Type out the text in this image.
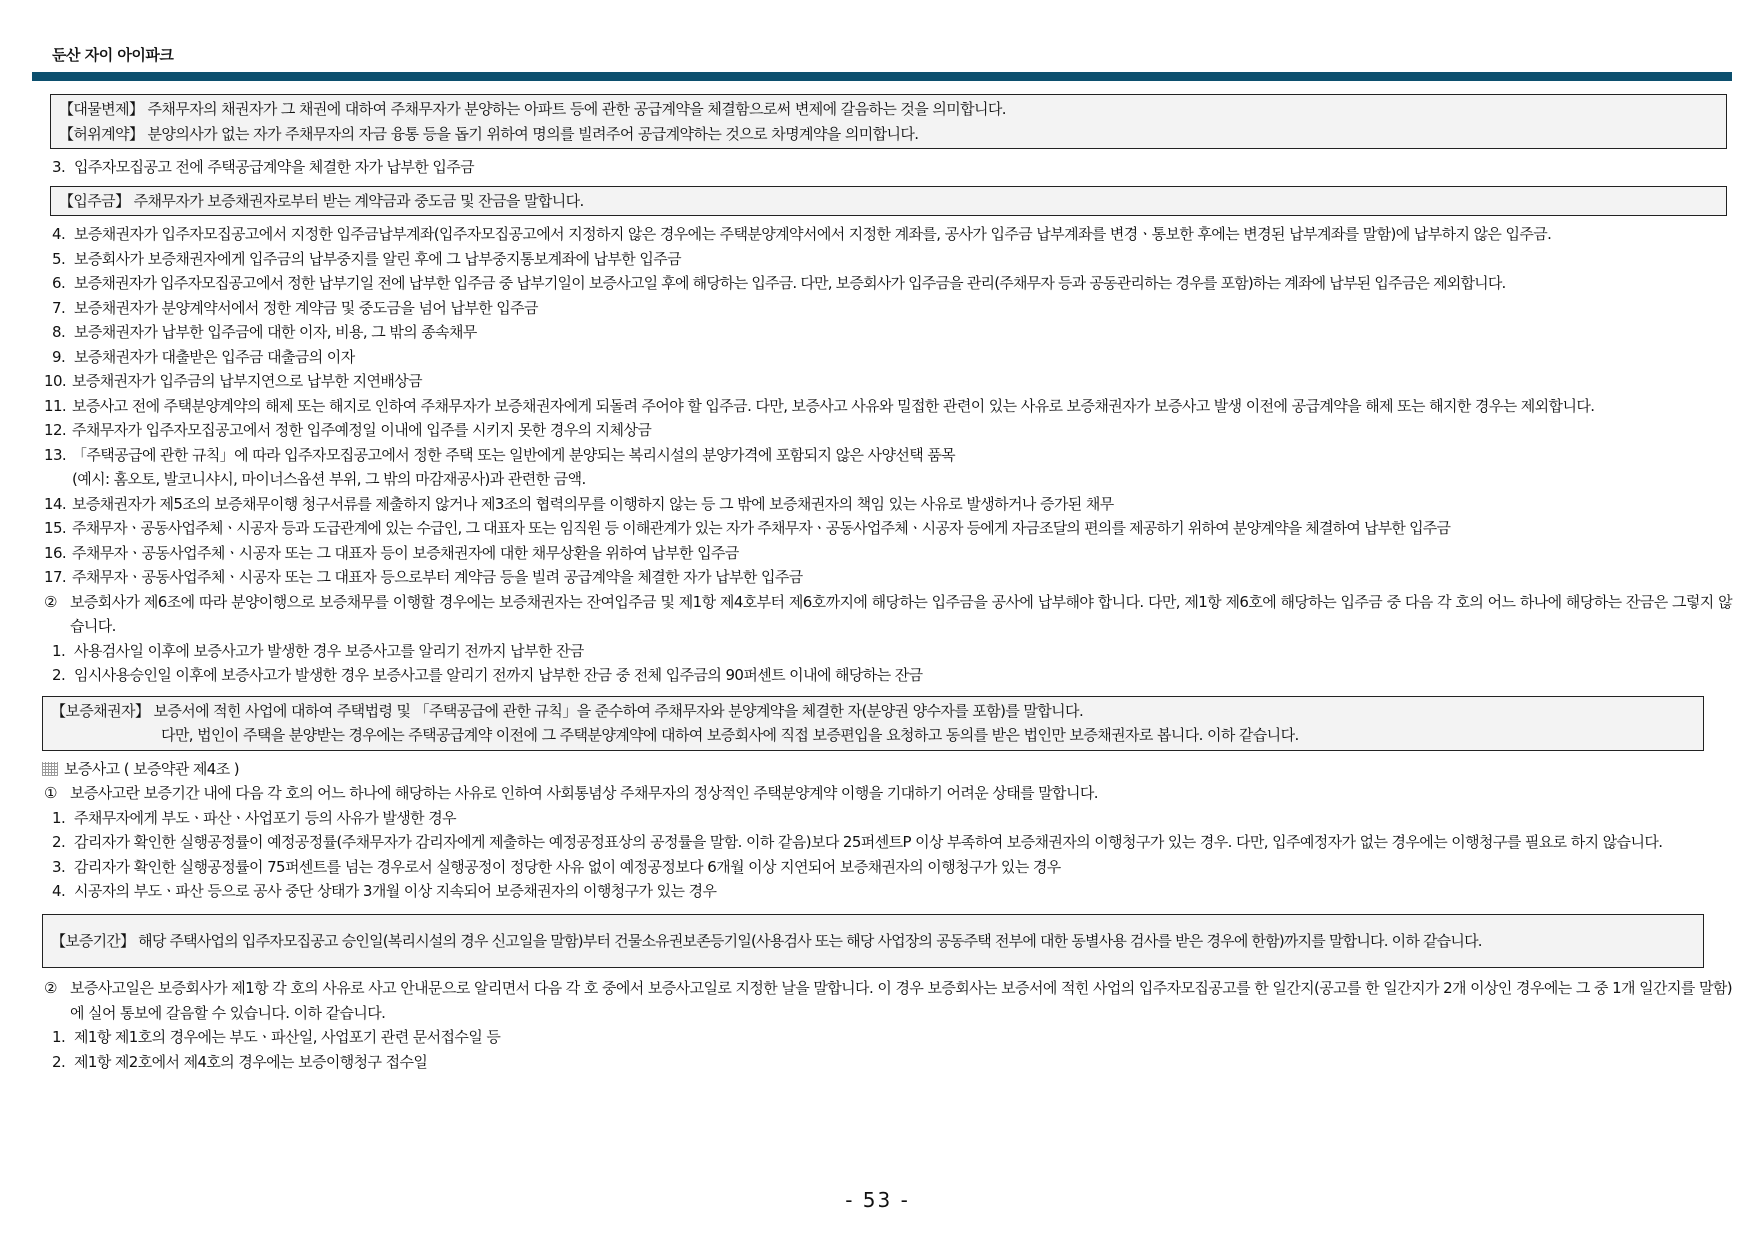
둔산 자이 아이파크
【대물변제】 주채무자의 채권자가 그 채권에 대하여 주채무자가 분양하는 아파트 등에 관한 공급계약을 체결함으로써 변제에 갈음하는 것을 의미합니다.
【허위계약】 분양의사가 없는 자가 주채무자의 자금 융통 등을 돕기 위하여 명의를 빌려주어 공급계약하는 것으로 차명계약을 의미합니다.
3. 입주자모집공고 전에 주택공급계약을 체결한 자가 납부한 입주금
【입주금】 주채무자가 보증채권자로부터 받는 계약금과 중도금 및 잔금을 말합니다.
4. 보증채권자가 입주자모집공고에서 지정한 입주금납부계좌(입주자모집공고에서 지정하지 않은 경우에는 주택분양계약서에서 지정한 계좌를, 공사가 입주금 납부계좌를 변경ㆍ통보한 후에는 변경된 납부계좌를 말함)에 납부하지 않은 입주금.
5. 보증회사가 보증채권자에게 입주금의 납부중지를 알린 후에 그 납부중지통보계좌에 납부한 입주금
6. 보증채권자가 입주자모집공고에서 정한 납부기일 전에 납부한 입주금 중 납부기일이 보증사고일 후에 해당하는 입주금. 다만, 보증회사가 입주금을 관리(주채무자 등과 공동관리하는 경우를 포함)하는 계좌에 납부된 입주금은 제외합니다.
7. 보증채권자가 분양계약서에서 정한 계약금 및 중도금을 넘어 납부한 입주금
8. 보증채권자가 납부한 입주금에 대한 이자, 비용, 그 밖의 종속채무
9. 보증채권자가 대출받은 입주금 대출금의 이자
10. 보증채권자가 입주금의 납부지연으로 납부한 지연배상금
11. 보증사고 전에 주택분양계약의 해제 또는 해지로 인하여 주채무자가 보증채권자에게 되돌려 주어야 할 입주금. 다만, 보증사고 사유와 밀접한 관련이 있는 사유로 보증채권자가 보증사고 발생 이전에 공급계약을 해제 또는 해지한 경우는 제외합니다.
12. 주채무자가 입주자모집공고에서 정한 입주예정일 이내에 입주를 시키지 못한 경우의 지체상금
13. 「주택공급에 관한 규칙」에 따라 입주자모집공고에서 정한 주택 또는 일반에게 분양되는 복리시설의 분양가격에 포함되지 않은 사양선택 품목
(예시: 홈오토, 발코니샤시, 마이너스옵션 부위, 그 밖의 마감재공사)과 관련한 금액.
14. 보증채권자가 제5조의 보증채무이행 청구서류를 제출하지 않거나 제3조의 협력의무를 이행하지 않는 등 그 밖에 보증채권자의 책임 있는 사유로 발생하거나 증가된 채무
15. 주채무자ㆍ공동사업주체ㆍ시공자 등과 도급관계에 있는 수급인, 그 대표자 또는 임직원 등 이해관계가 있는 자가 주채무자ㆍ공동사업주체ㆍ시공자 등에게 자금조달의 편의를 제공하기 위하여 분양계약을 체결하여 납부한 입주금
16. 주채무자ㆍ공동사업주체ㆍ시공자 또는 그 대표자 등이 보증채권자에 대한 채무상환을 위하여 납부한 입주금
17. 주채무자ㆍ공동사업주체ㆍ시공자 또는 그 대표자 등으로부터 계약금 등을 빌려 공급계약을 체결한 자가 납부한 입주금
② 보증회사가 제6조에 따라 분양이행으로 보증채무를 이행할 경우에는 보증채권자는 잔여입주금 및 제1항 제4호부터 제6호까지에 해당하는 입주금을 공사에 납부해야 합니다. 다만, 제1항 제6호에 해당하는 입주금 중 다음 각 호의 어느 하나에 해당하는 잔금은 그렇지 않습니다.
1. 사용검사일 이후에 보증사고가 발생한 경우 보증사고를 알리기 전까지 납부한 잔금
2. 임시사용승인일 이후에 보증사고가 발생한 경우 보증사고를 알리기 전까지 납부한 잔금 중 전체 입주금의 90퍼센트 이내에 해당하는 잔금
【보증채권자】 보증서에 적힌 사업에 대하여 주택법령 및 「주택공급에 관한 규칙」을 준수하여 주채무자와 분양계약을 체결한 자(분양권 양수자를 포함)를 말합니다.
다만, 법인이 주택을 분양받는 경우에는 주택공급계약 이전에 그 주택분양계약에 대하여 보증회사에 직접 보증편입을 요청하고 동의를 받은 법인만 보증채권자로 봅니다. 이하 같습니다.
보증사고 ( 보증약관 제4조 )
① 보증사고란 보증기간 내에 다음 각 호의 어느 하나에 해당하는 사유로 인하여 사회통념상 주채무자의 정상적인 주택분양계약 이행을 기대하기 어려운 상태를 말합니다.
1. 주채무자에게 부도ㆍ파산ㆍ사업포기 등의 사유가 발생한 경우
2. 감리자가 확인한 실행공정률이 예정공정률(주채무자가 감리자에게 제출하는 예정공정표상의 공정률을 말함. 이하 같음)보다 25퍼센트P 이상 부족하여 보증채권자의 이행청구가 있는 경우. 다만, 입주예정자가 없는 경우에는 이행청구를 필요로 하지 않습니다.
3. 감리자가 확인한 실행공정률이 75퍼센트를 넘는 경우로서 실행공정이 정당한 사유 없이 예정공정보다 6개월 이상 지연되어 보증채권자의 이행청구가 있는 경우
4. 시공자의 부도ㆍ파산 등으로 공사 중단 상태가 3개월 이상 지속되어 보증채권자의 이행청구가 있는 경우
【보증기간】 해당 주택사업의 입주자모집공고 승인일(복리시설의 경우 신고일을 말함)부터 건물소유권보존등기일(사용검사 또는 해당 사업장의 공동주택 전부에 대한 동별사용 검사를 받은 경우에 한함)까지를 말합니다. 이하 같습니다.
② 보증사고일은 보증회사가 제1항 각 호의 사유로 사고 안내문으로 알리면서 다음 각 호 중에서 보증사고일로 지정한 날을 말합니다. 이 경우 보증회사는 보증서에 적힌 사업의 입주자모집공고를 한 일간지(공고를 한 일간지가 2개 이상인 경우에는 그 중 1개 일간지를 말함)에 실어 통보에 갈음할 수 있습니다. 이하 같습니다.
1. 제1항 제1호의 경우에는 부도ㆍ파산일, 사업포기 관련 문서접수일 등
2. 제1항 제2호에서 제4호의 경우에는 보증이행청구 접수일
- 53 -
